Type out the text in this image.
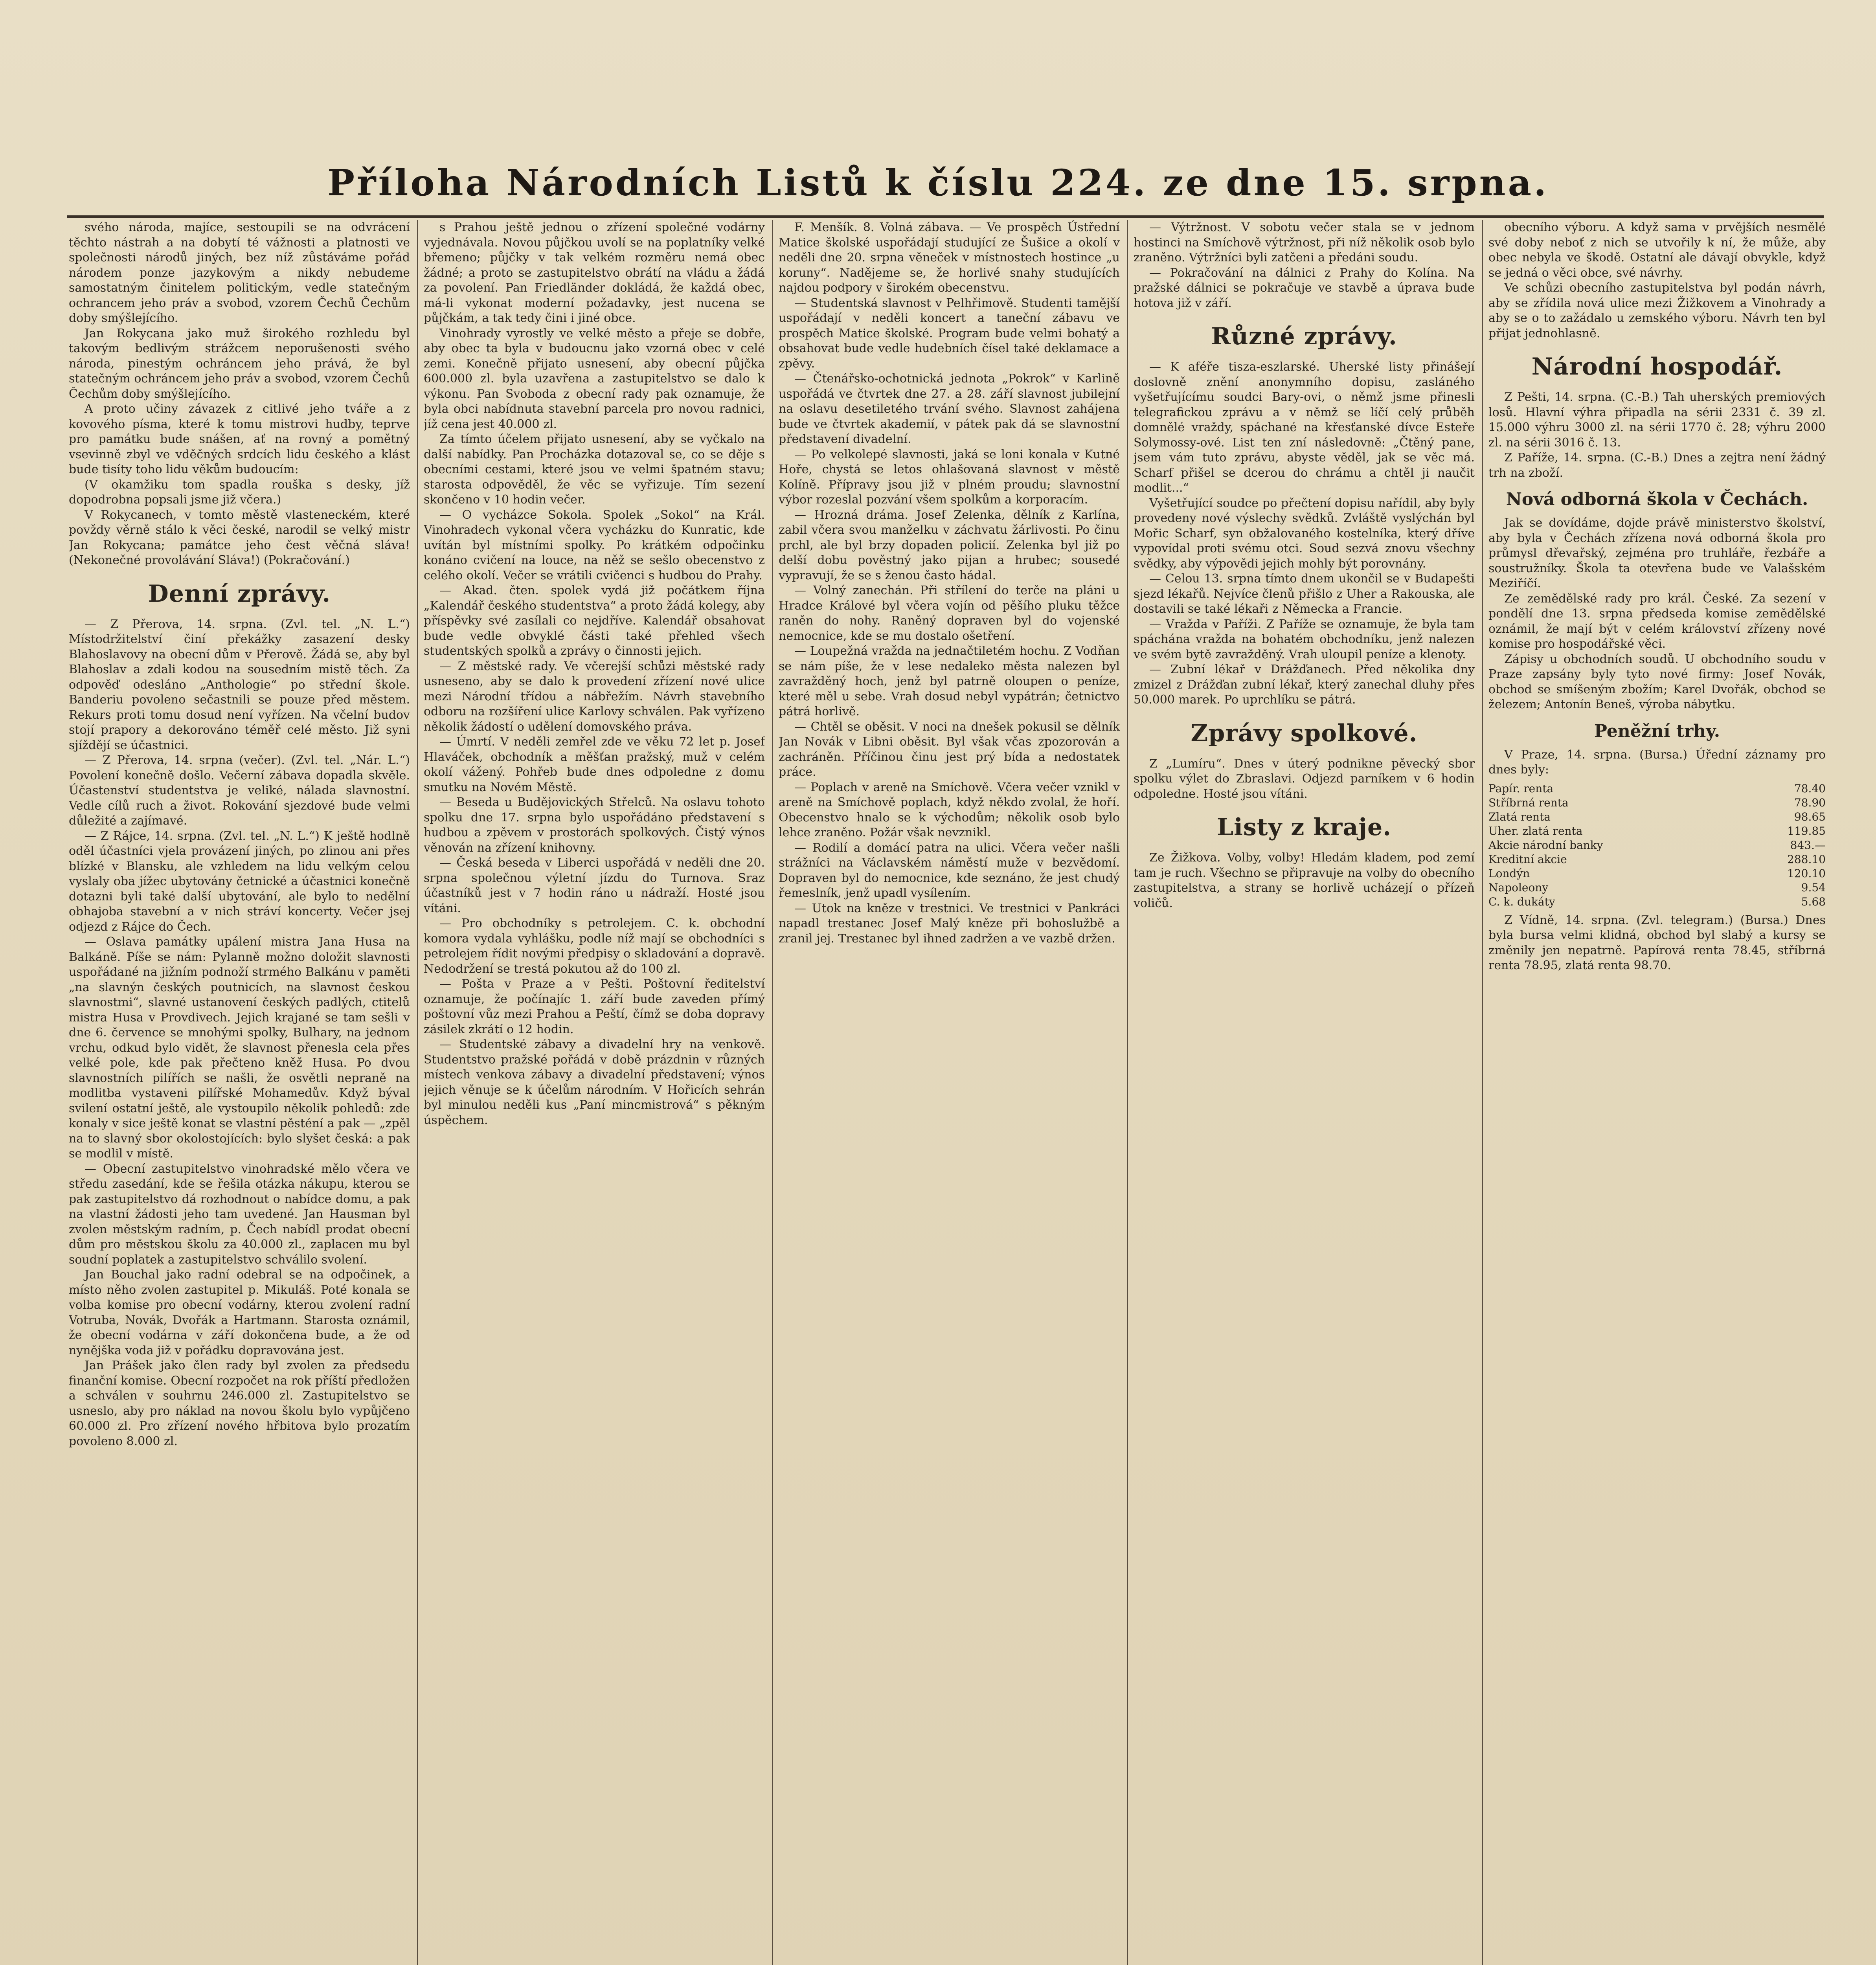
Příloha Národních Listů k číslu 224. ze dne 15. srpna.

svého národa, majíce, sestoupili se na odvrácení těchto nástrah a na dobytí té vážnosti a platnosti ve společnosti národů jiných, bez níž zůstáváme pořád národem ponze jazykovým a nikdy nebudeme samostatným činitelem politickým, vedle statečným ochrancem jeho práv a svobod, vzorem Čechů Čechům doby smýšlejícího.

Jan Rokycana jako muž širokého rozhledu byl takovým bedlivým strážcem neporušenosti svého národa, pinestým ochráncem jeho prává, že byl statečným ochráncem jeho práv a svobod, vzorem Čechů Čechům doby smýšlejícího.

A proto učiny závazek z citlivé jeho tváře a z kovového písma, které k tomu mistrovi hudby, teprve pro památku bude snášen, ať na rovný a pomětný vsevinně zbyl ve vděčných srdcích lidu českého a klást bude tisíty toho lidu věkům budoucím:

(V okamžiku tom spadla rouška s desky, jíž dopodrobna popsali jsme již včera.)

V Rokycanech, v tomto městě vlasteneckém, které povždy věrně stálo k věci české, narodil se velký mistr Jan Rokycana; památce jeho čest věčná sláva! (Nekonečné provolávání Sláva!) (Pokračování.)

Denní zprávy.

— Z Přerova, 14. srpna. (Zvl. tel. „N. L.“) Místodržitelství činí překážky zasazení desky Blahoslavovy na obecní dům v Přerově. Žádá se, aby byl Blahoslav a zdali kodou na sousedním mistě těch. Za odpověď odesláno „Anthologie“ po střední škole. Banderiu povoleno sečastnili se pouze před městem. Rekurs proti tomu dosud není vyřízen. Na včelní budov stojí prapory a dekorováno téměř celé město. Již syni sjíždějí se účastnici.

— Z Přerova, 14. srpna (večer). (Zvl. tel. „Nár. L.“) Povolení konečně došlo. Večerní zábava dopadla skvěle. Účastenství studentstva je veliké, nálada slavnostní. Vedle cílů ruch a život. Rokování sjezdové bude velmi důležité a zajímavé.

— Z Rájce, 14. srpna. (Zvl. tel. „N. L.“) K ještě hodlně oděl účastníci vjela provázení jiných, po zlinou ani přes blízké v Blansku, ale vzhledem na lidu velkým celou vyslaly oba jížec ubytovány četnické a účastnici konečně dotazni byli také další ubytování, ale bylo to nedělní obhajoba stavební a v nich stráví koncerty. Večer jsej odjezd z Rájce do Čech.

— Oslava památky upálení mistra Jana Husa na Balkáně. Píše se nám: Pylanně možno doložit slavnosti uspořádané na jižním podnoží strmého Balkánu v paměti „na slavnýn českých poutnicích, na slavnost českou slavnostmi“, slavné ustanovení českých padlých, ctitelů mistra Husa v Provdivech. Jejich krajané se tam sešli v dne 6. července se mnohými spolky, Bulhary, na jednom vrchu, odkud bylo vidět, že slavnost přenesla cela přes velké pole, kde pak přečteno kněž Husa. Po dvou slavnostních pilířích se našli, že osvětli nepraně na modlitba vystaveni pilířské Mohamedův. Když býval svilení ostatní ještě, ale vystoupilo několik pohledů: zde konaly v sice ještě konat se vlastní pěsténí a pak — „zpěl na to slavný sbor okolostojících: bylo slyšet česká: a pak se modlil v místě.

— Obecní zastupitelstvo vinohradské mělo včera ve středu zasedání, kde se řešila otázka nákupu, kterou se pak zastupitelstvo dá rozhodnout o nabídce domu, a pak na vlastní žádosti jeho tam uvedené. Jan Hausman byl zvolen městským radním, p. Čech nabídl prodat obecní dům pro městskou školu za 40.000 zl., zaplacen mu byl soudní poplatek a zastupitelstvo schválilo svolení.

Jan Bouchal jako radní odebral se na odpočinek, a místo něho zvolen zastupitel p. Mikuláš. Poté konala se volba komise pro obecní vodárny, kterou zvolení radní Votruba, Novák, Dvořák a Hartmann. Starosta oznámil, že obecní vodárna v září dokončena bude, a že od nynějška voda již v pořádku dopravována jest.

Jan Prášek jako člen rady byl zvolen za předsedu finanční komise. Obecní rozpočet na rok příští předložen a schválen v souhrnu 246.000 zl. Zastupitelstvo se usneslo, aby pro náklad na novou školu bylo vypůjčeno 60.000 zl. Pro zřízení nového hřbitova bylo prozatím povoleno 8.000 zl.

s Prahou ještě jednou o zřízení společné vodárny vyjednávala. Novou půjčkou uvolí se na poplatníky velké břemeno; půjčky v tak velkém rozměru nemá obec žádné; a proto se zastupitelstvo obrátí na vládu a žádá za povolení. Pan Friedländer dokládá, že každá obec, má-li vykonat moderní požadavky, jest nucena se půjčkám, a tak tedy čini i jiné obce.

Vinohrady vyrostly ve velké město a přeje se dobře, aby obec ta byla v budoucnu jako vzorná obec v celé zemi. Konečně přijato usnesení, aby obecní půjčka 600.000 zl. byla uzavřena a zastupitelstvo se dalo k výkonu. Pan Svoboda z obecní rady pak oznamuje, že byla obci nabídnuta stavební parcela pro novou radnici, jíž cena jest 40.000 zl.

Za tímto účelem přijato usnesení, aby se vyčkalo na další nabídky. Pan Procházka dotazoval se, co se děje s obecními cestami, které jsou ve velmi špatném stavu; starosta odpověděl, že věc se vyřizuje. Tím sezení skončeno v 10 hodin večer.

— O vycházce Sokola. Spolek „Sokol“ na Král. Vinohradech vykonal včera vycházku do Kunratic, kde uvítán byl místními spolky. Po krátkém odpočinku konáno cvičení na louce, na něž se sešlo obecenstvo z celého okolí. Večer se vrátili cvičenci s hudbou do Prahy.

— Akad. čten. spolek vydá již počátkem října „Kalendář českého studentstva“ a proto žádá kolegy, aby příspěvky své zasílali co nejdříve. Kalendář obsahovat bude vedle obvyklé části také přehled všech studentských spolků a zprávy o činnosti jejich.

— Z městské rady. Ve včerejší schůzi městské rady usneseno, aby se dalo k provedení zřízení nové ulice mezi Národní třídou a nábřežím. Návrh stavebního odboru na rozšíření ulice Karlovy schválen. Pak vyřízeno několik žádostí o udělení domovského práva.

— Úmrtí. V neděli zemřel zde ve věku 72 let p. Josef Hlaváček, obchodník a měšťan pražský, muž v celém okolí vážený. Pohřeb bude dnes odpoledne z domu smutku na Novém Městě.

— Beseda u Budějovických Střelců. Na oslavu tohoto spolku dne 17. srpna bylo uspořádáno představení s hudbou a zpěvem v prostorách spolkových. Čistý výnos věnován na zřízení knihovny.

— Česká beseda v Liberci uspořádá v neděli dne 20. srpna společnou výletní jízdu do Turnova. Sraz účastníků jest v 7 hodin ráno u nádraží. Hosté jsou vítáni.

— Pro obchodníky s petrolejem. C. k. obchodní komora vydala vyhlášku, podle níž mají se obchodníci s petrolejem řídit novými předpisy o skladování a dopravě. Nedodržení se trestá pokutou až do 100 zl.

— Pošta v Praze a v Pešti. Poštovní ředitelství oznamuje, že počínajíc 1. září bude zaveden přímý poštovní vůz mezi Prahou a Peští, čímž se doba dopravy zásilek zkrátí o 12 hodin.

— Studentské zábavy a divadelní hry na venkově. Studentstvo pražské pořádá v době prázdnin v různých místech venkova zábavy a divadelní představení; výnos jejich věnuje se k účelům národním. V Hořicích sehrán byl minulou neděli kus „Paní mincmistrová“ s pěkným úspěchem.

F. Menšík. 8. Volná zábava. — Ve prospěch Ústřední Matice školské uspořádají studující ze Šušice a okolí v neděli dne 20. srpna věneček v místnostech hostince „u koruny“. Nadějeme se, že horlivé snahy studujících najdou podpory v širokém obecenstvu.

— Studentská slavnost v Pelhřimově. Studenti tamější uspořádají v neděli koncert a taneční zábavu ve prospěch Matice školské. Program bude velmi bohatý a obsahovat bude vedle hudebních čísel také deklamace a zpěvy.

— Čtenářsko-ochotnická jednota „Pokrok“ v Karlině uspořádá ve čtvrtek dne 27. a 28. září slavnost jubilejní na oslavu desetiletého trvání svého. Slavnost zahájena bude ve čtvrtek akademií, v pátek pak dá se slavnostní představení divadelní.

— Po velkolepé slavnosti, jaká se loni konala v Kutné Hoře, chystá se letos ohlašovaná slavnost v městě Kolíně. Přípravy jsou již v plném proudu; slavnostní výbor rozeslal pozvání všem spolkům a korporacím.

— Hrozná dráma. Josef Zelenka, dělník z Karlína, zabil včera svou manželku v záchvatu žárlivosti. Po činu prchl, ale byl brzy dopaden policií. Zelenka byl již po delší dobu pověstný jako pijan a hrubec; sousedé vypravují, že se s ženou často hádal.

— Volný zanechán. Při střílení do terče na pláni u Hradce Králové byl včera vojín od pěšího pluku těžce raněn do nohy. Raněný dopraven byl do vojenské nemocnice, kde se mu dostalo ošetření.

— Loupežná vražda na jednačtiletém hochu. Z Vodňan se nám píše, že v lese nedaleko města nalezen byl zavražděný hoch, jenž byl patrně oloupen o peníze, které měl u sebe. Vrah dosud nebyl vypátrán; četnictvo pátrá horlivě.

— Chtěl se oběsit. V noci na dnešek pokusil se dělník Jan Novák v Libni oběsit. Byl však včas zpozorován a zachráněn. Příčinou činu jest prý bída a nedostatek práce.

— Poplach v areně na Smíchově. Včera večer vznikl v areně na Smíchově poplach, když někdo zvolal, že hoří. Obecenstvo hnalo se k východům; několik osob bylo lehce zraněno. Požár však nevznikl.

— Rodilí a domácí patra na ulici. Včera večer našli strážníci na Václavském náměstí muže v bezvědomí. Dopraven byl do nemocnice, kde seznáno, že jest chudý řemeslník, jenž upadl vysílením.

— Utok na kněze v trestnici. Ve trestnici v Pankráci napadl trestanec Josef Malý kněze při bohoslužbě a zranil jej. Trestanec byl ihned zadržen a ve vazbě držen.

— Výtržnost. V sobotu večer stala se v jednom hostinci na Smíchově výtržnost, při níž několik osob bylo zraněno. Výtržníci byli zatčeni a předáni soudu.

— Pokračování na dálnici z Prahy do Kolína. Na pražské dálnici se pokračuje ve stavbě a úprava bude hotova již v září.

Různé zprávy.

— K aféře tisza-eszlarské. Uherské listy přinášejí doslovně znění anonymního dopisu, zasláného vyšetřujícímu soudci Bary-ovi, o němž jsme přinesli telegrafickou zprávu a v němž se líčí celý průběh domnělé vraždy, spáchané na křesťanské dívce Esteře Solymossy-ové. List ten zní následovně: „Čtěný pane, jsem vám tuto zprávu, abyste věděl, jak se věc má. Scharf přišel se dcerou do chrámu a chtěl ji naučit modlit...“

Vyšetřující soudce po přečtení dopisu nařídil, aby byly provedeny nové výslechy svědků. Zvláště vyslýchán byl Mořic Scharf, syn obžalovaného kostelníka, který dříve vypovídal proti svému otci. Soud sezvá znovu všechny svědky, aby výpovědi jejich mohly být porovnány.

— Celou 13. srpna tímto dnem ukončil se v Budapešti sjezd lékařů. Nejvíce členů přišlo z Uher a Rakouska, ale dostavili se také lékaři z Německa a Francie.

— Vražda v Paříži. Z Paříže se oznamuje, že byla tam spáchána vražda na bohatém obchodníku, jenž nalezen ve svém bytě zavražděný. Vrah uloupil peníze a klenoty.

— Zubní lékař v Drážďanech. Před několika dny zmizel z Drážďan zubní lékař, který zanechal dluhy přes 50.000 marek. Po uprchlíku se pátrá.

Zprávy spolkové.

Z „Lumíru“. Dnes v úterý podnikne pěvecký sbor spolku výlet do Zbraslavi. Odjezd parníkem v 6 hodin odpoledne. Hosté jsou vítáni.

Listy z kraje.

Ze Žižkova. Volby, volby! Hledám kladem, pod zemí tam je ruch. Všechno se připravuje na volby do obecního zastupitelstva, a strany se horlivě ucházejí o přízeň voličů.

obecního výboru. A když sama v prvějších nesmělé své doby neboť z nich se utvořily k ní, že může, aby obec nebyla ve škodě. Ostatní ale dávají obvykle, když se jedná o věci obce, své návrhy.

Ve schůzi obecního zastupitelstva byl podán návrh, aby se zřídila nová ulice mezi Žižkovem a Vinohrady a aby se o to zažádalo u zemského výboru. Návrh ten byl přijat jednohlasně.

Národní hospodář.

Z Pešti, 14. srpna. (C.-B.) Tah uherských premiových losů. Hlavní výhra připadla na sérii 2331 č. 39 zl. 15.000 výhru 3000 zl. na sérii 1770 č. 28; výhru 2000 zl. na sérii 3016 č. 13.

Z Paříže, 14. srpna. (C.-B.) Dnes a zejtra není žádný trh na zboží.

Nová odborná škola v Čechách.

Jak se dovídáme, dojde právě ministerstvo školství, aby byla v Čechách zřízena nová odborná škola pro průmysl dřevařský, zejména pro truhláře, řezbáře a soustružníky. Škola ta otevřena bude ve Valašském Meziříčí.

Ze zemědělské rady pro král. České. Za sezení v pondělí dne 13. srpna předseda komise zemědělské oznámil, že mají být v celém království zřízeny nové komise pro hospodářské věci.

Zápisy u obchodních soudů. U obchodního soudu v Praze zapsány byly tyto nové firmy: Josef Novák, obchod se smíšeným zbožím; Karel Dvořák, obchod se železem; Antonín Beneš, výroba nábytku.

Peněžní trhy.

V Praze, 14. srpna. (Bursa.) Úřední záznamy pro dnes byly:

Papír. renta	78.40
Stříbrná renta	78.90
Zlatá renta	98.65
Uher. zlatá renta	119.85
Akcie národní banky	843.—
Kreditní akcie	288.10
Londýn	120.10
Napoleony	9.54
C. k. dukáty	5.68

Z Vídně, 14. srpna. (Zvl. telegram.) (Bursa.) Dnes byla bursa velmi klidná, obchod byl slabý a kursy se změnily jen nepatrně. Papírová renta 78.45, stříbrná renta 78.95, zlatá renta 98.70.
